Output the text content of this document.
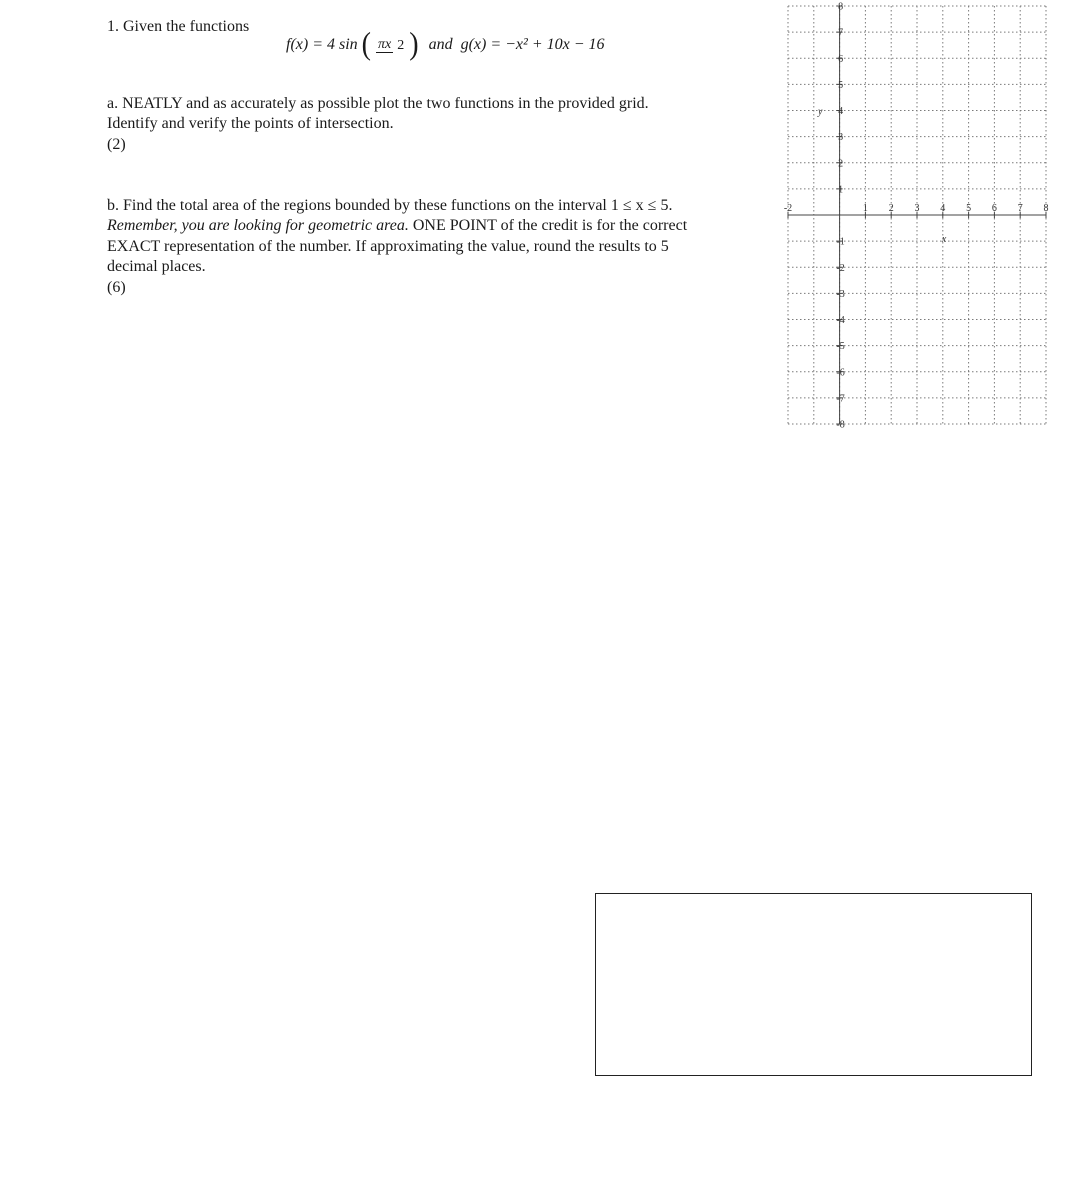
1. Given the functions
f(x) = 4 sin ( πx 2 ) and g(x) = −x² + 10x − 16
a. NEATLY and as accurately as possible plot the two functions in the provided grid.
Identify and verify the points of intersection.
(2)
b. Find the total area of the regions bounded by these functions on the interval 1 ≤ x ≤ 5.
Remember, you are looking for geometric area. ONE POINT of the credit is for the correct
EXACT representation of the number. If approximating the value, round the results to 5
decimal places.
(6)
-2	1 2 3 4 5 6 7 8
8
7
6
5
4
3
2
1
-1
-2
-3
-4
-5
-6
-7
-8
x
y
